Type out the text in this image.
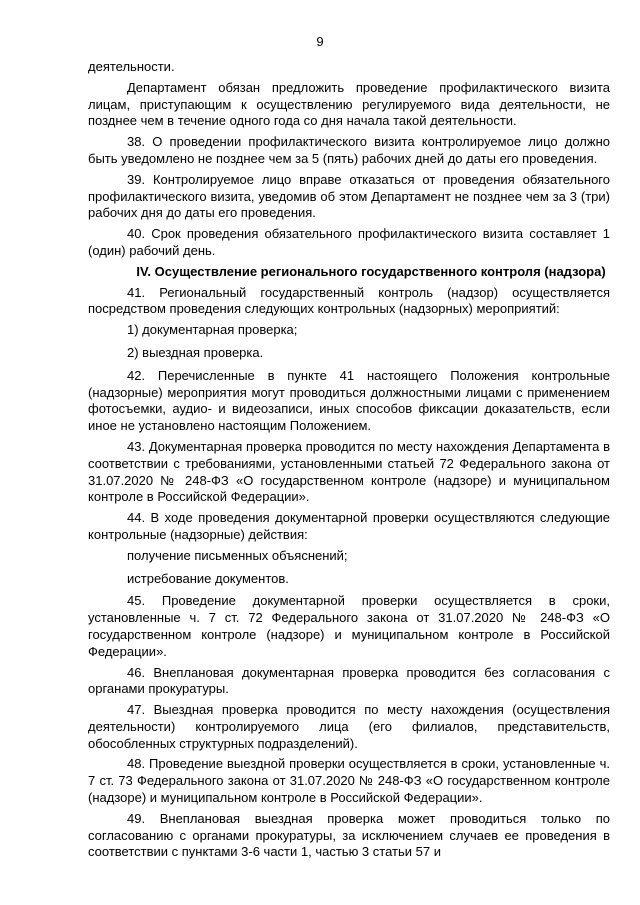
9

деятельности.

Департамент обязан предложить проведение профилактического визита лицам, приступающим к осуществлению регулируемого вида деятельности, не позднее чем в течение одного года со дня начала такой деятельности.

38. О проведении профилактического визита контролируемое лицо должно быть уведомлено не позднее чем за 5 (пять) рабочих дней до даты его проведения.

39. Контролируемое лицо вправе отказаться от проведения обязательного профилактического визита, уведомив об этом Департамент не позднее чем за 3 (три) рабочих дня до даты его проведения.

40. Срок проведения обязательного профилактического визита составляет 1 (один) рабочий день.

IV. Осуществление регионального государственного контроля (надзора)

41. Региональный государственный контроль (надзор) осуществляется посредством проведения следующих контрольных (надзорных) мероприятий:

1) документарная проверка;

2) выездная проверка.

42. Перечисленные в пункте 41 настоящего Положения контрольные (надзорные) мероприятия могут проводиться должностными лицами с применением фотосъемки, аудио- и видеозаписи, иных способов фиксации доказательств, если иное не установлено настоящим Положением.

43. Документарная проверка проводится по месту нахождения Департамента в соответствии с требованиями, установленными статьей 72 Федерального закона от 31.07.2020 № 248-ФЗ «О государственном контроле (надзоре) и муниципальном контроле в Российской Федерации».

44. В ходе проведения документарной проверки осуществляются следующие контрольные (надзорные) действия:

получение письменных объяснений;

истребование документов.

45. Проведение документарной проверки осуществляется в сроки, установленные ч. 7 ст. 72 Федерального закона от 31.07.2020 № 248-ФЗ «О государственном контроле (надзоре) и муниципальном контроле в Российской Федерации».

46. Внеплановая документарная проверка проводится без согласования с органами прокуратуры.

47. Выездная проверка проводится по месту нахождения (осуществления деятельности) контролируемого лица (его филиалов, представительств, обособленных структурных подразделений).

48. Проведение выездной проверки осуществляется в сроки, установленные ч. 7 ст. 73 Федерального закона от 31.07.2020 № 248-ФЗ «О государственном контроле (надзоре) и муниципальном контроле в Российской Федерации».

49. Внеплановая выездная проверка может проводиться только по согласованию с органами прокуратуры, за исключением случаев ее проведения в соответствии с пунктами 3-6 части 1, частью 3 статьи 57 и
